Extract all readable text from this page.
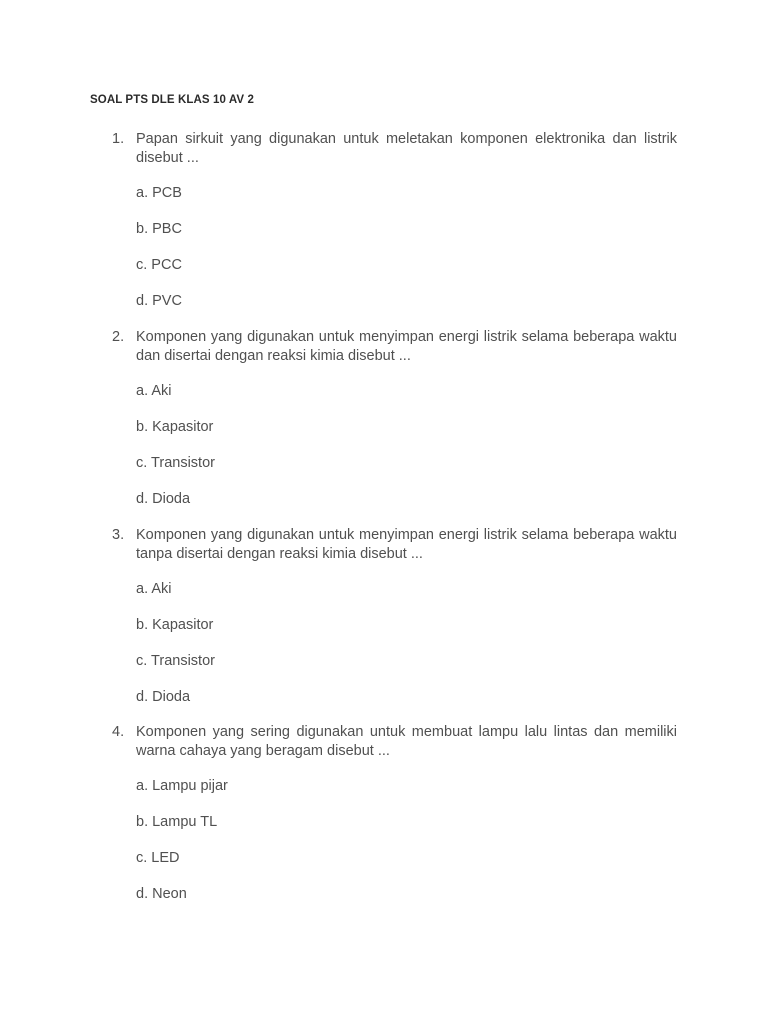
SOAL PTS DLE KLAS 10 AV 2
1. Papan sirkuit yang digunakan untuk meletakan komponen elektronika dan listrik disebut ...

a. PCB
b. PBC
c. PCC
d. PVC
2. Komponen yang digunakan untuk menyimpan energi listrik selama beberapa waktu dan disertai dengan reaksi kimia disebut ...

a. Aki
b. Kapasitor
c. Transistor
d. Dioda
3. Komponen yang digunakan untuk menyimpan energi listrik selama beberapa waktu tanpa disertai dengan reaksi kimia disebut ...

a. Aki
b. Kapasitor
c. Transistor
d. Dioda
4. Komponen yang sering digunakan untuk membuat lampu lalu lintas dan memiliki warna cahaya yang beragam disebut ...

a. Lampu pijar
b. Lampu TL
c. LED
d. Neon
